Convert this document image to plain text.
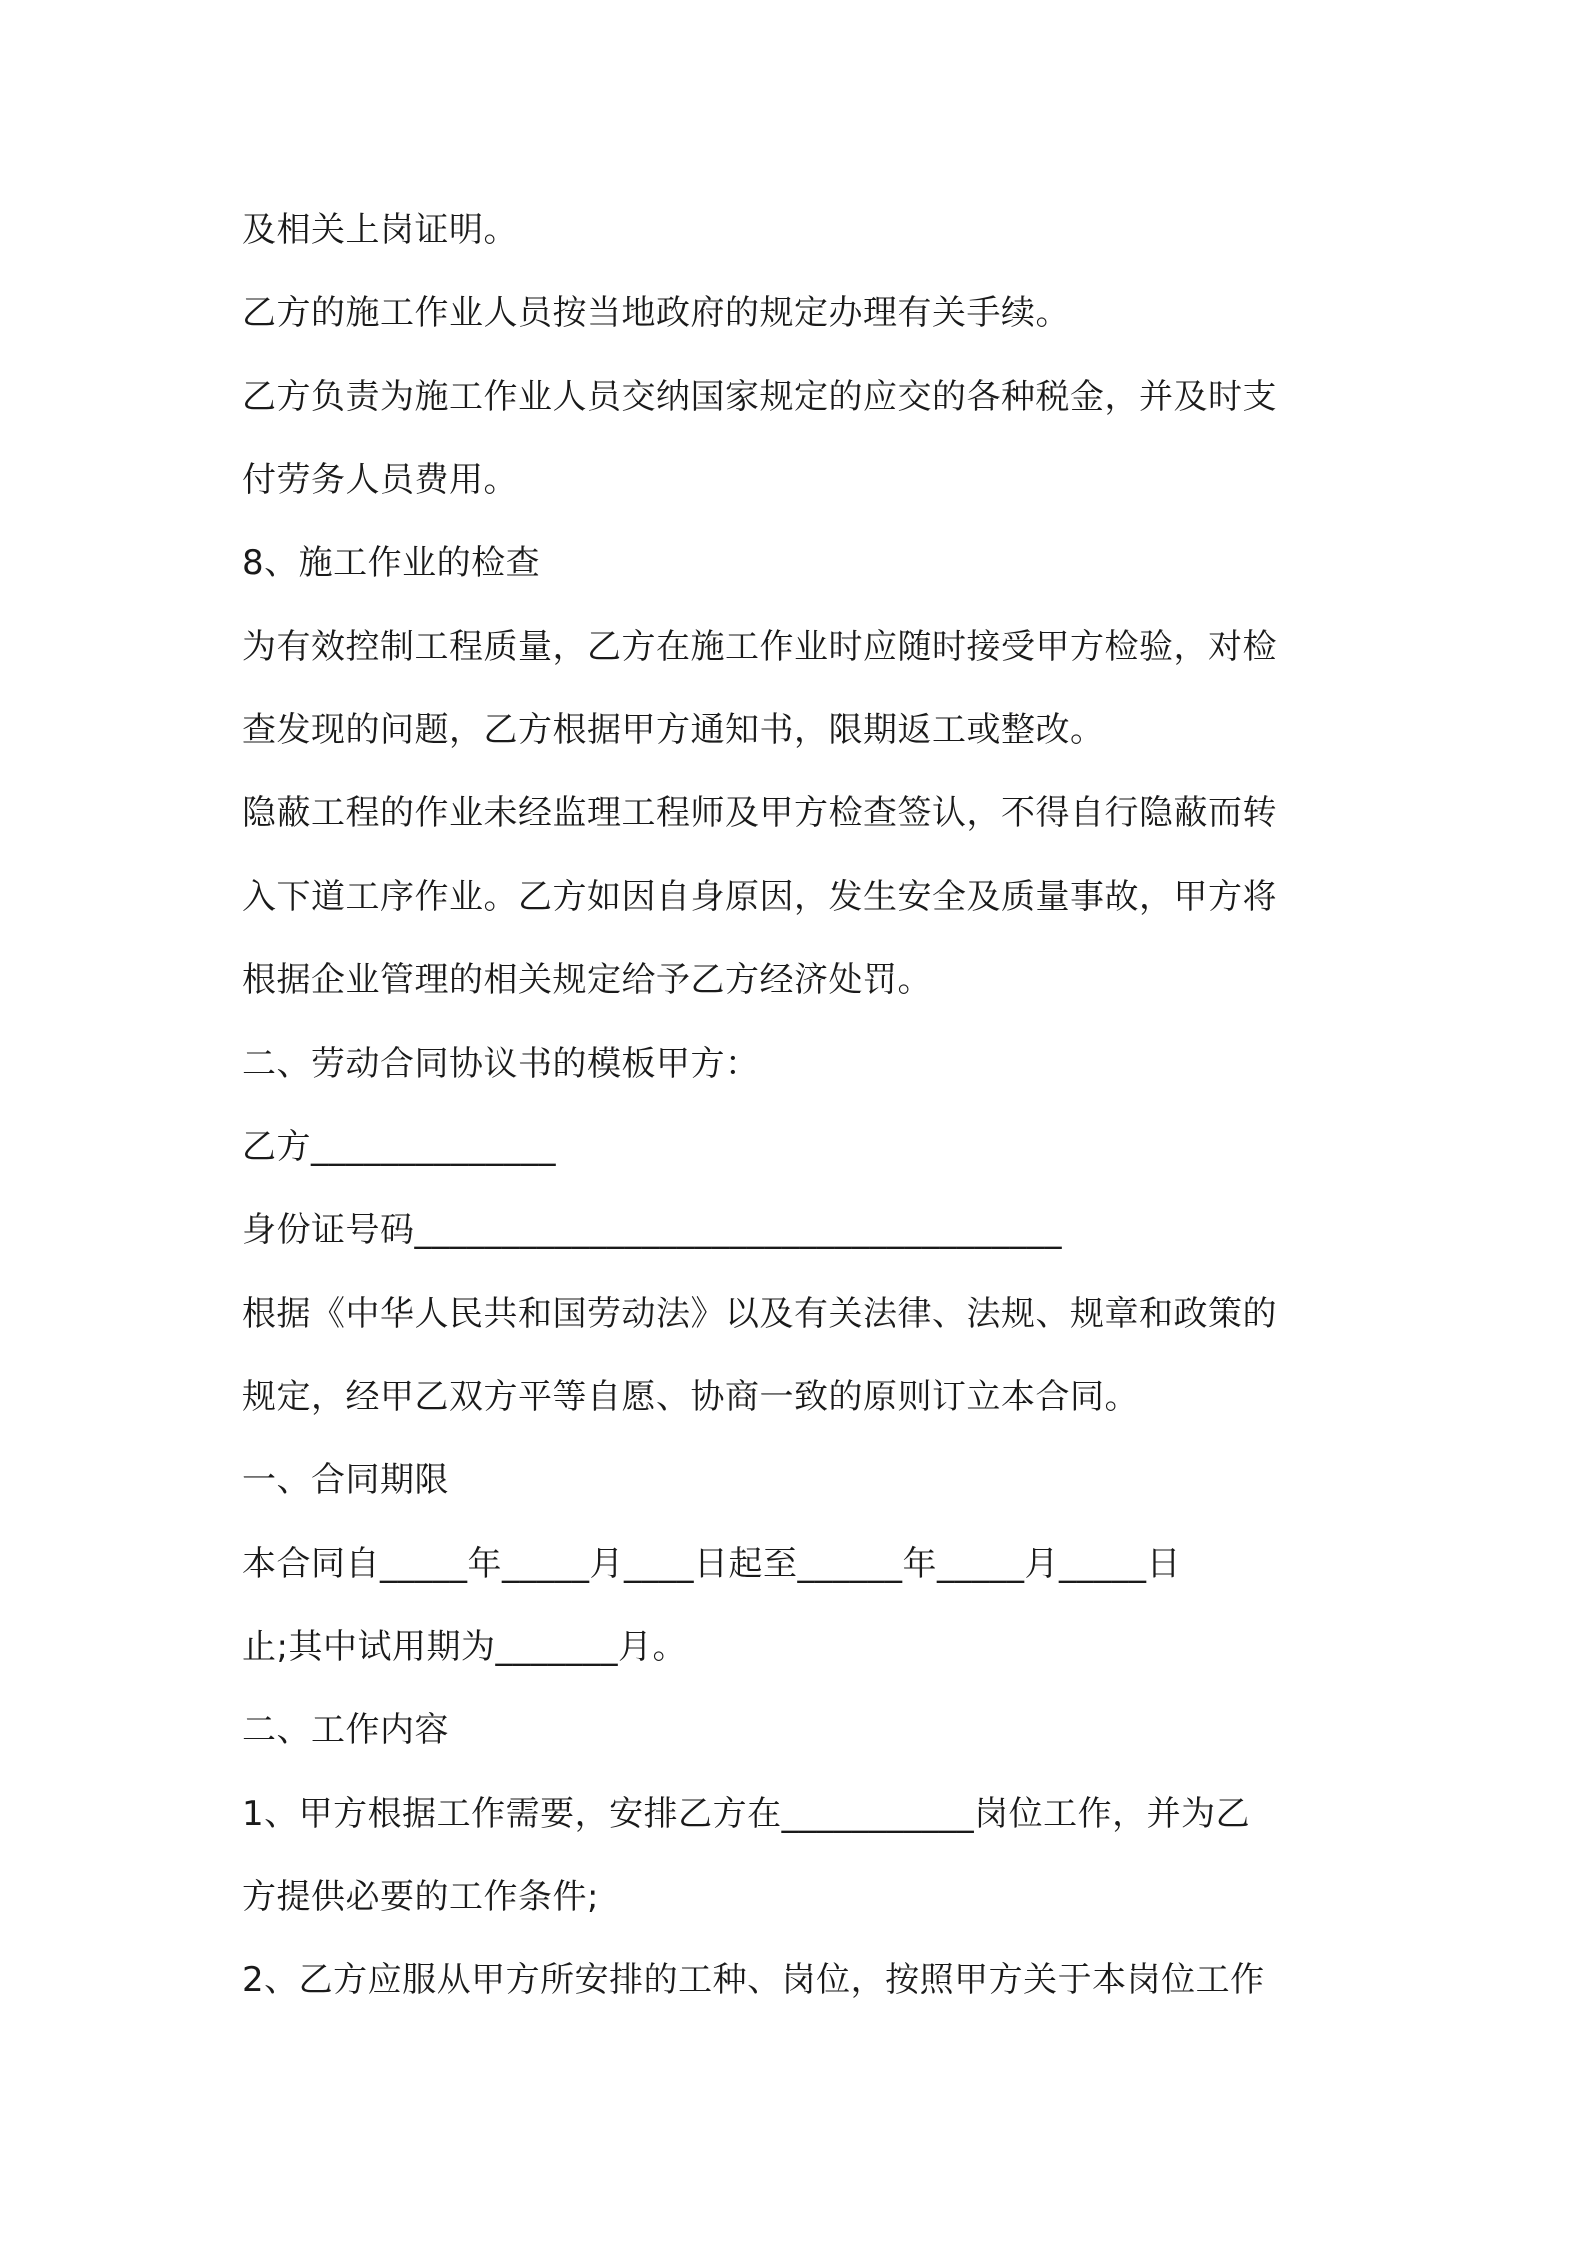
及相关上岗证明。

乙方的施工作业人员按当地政府的规定办理有关手续。

乙方负责为施工作业人员交纳国家规定的应交的各种税金，并及时支

付劳务人员费用。

8、施工作业的检查

为有效控制工程质量，乙方在施工作业时应随时接受甲方检验，对检

查发现的问题，乙方根据甲方通知书，限期返工或整改。

隐蔽工程的作业未经监理工程师及甲方检查签认，不得自行隐蔽而转

入下道工序作业。乙方如因自身原因，发生安全及质量事故，甲方将

根据企业管理的相关规定给予乙方经济处罚。

二、劳动合同协议书的模板甲方：

乙方______________

身份证号码_____________________________________

根据《中华人民共和国劳动法》以及有关法律、法规、规章和政策的

规定，经甲乙双方平等自愿、协商一致的原则订立本合同。

一、合同期限

本合同自_____年_____月____日起至______年_____月_____日

止;其中试用期为_______月。

二、工作内容

1、甲方根据工作需要，安排乙方在___________岗位工作，并为乙

方提供必要的工作条件;

2、乙方应服从甲方所安排的工种、岗位，按照甲方关于本岗位工作
